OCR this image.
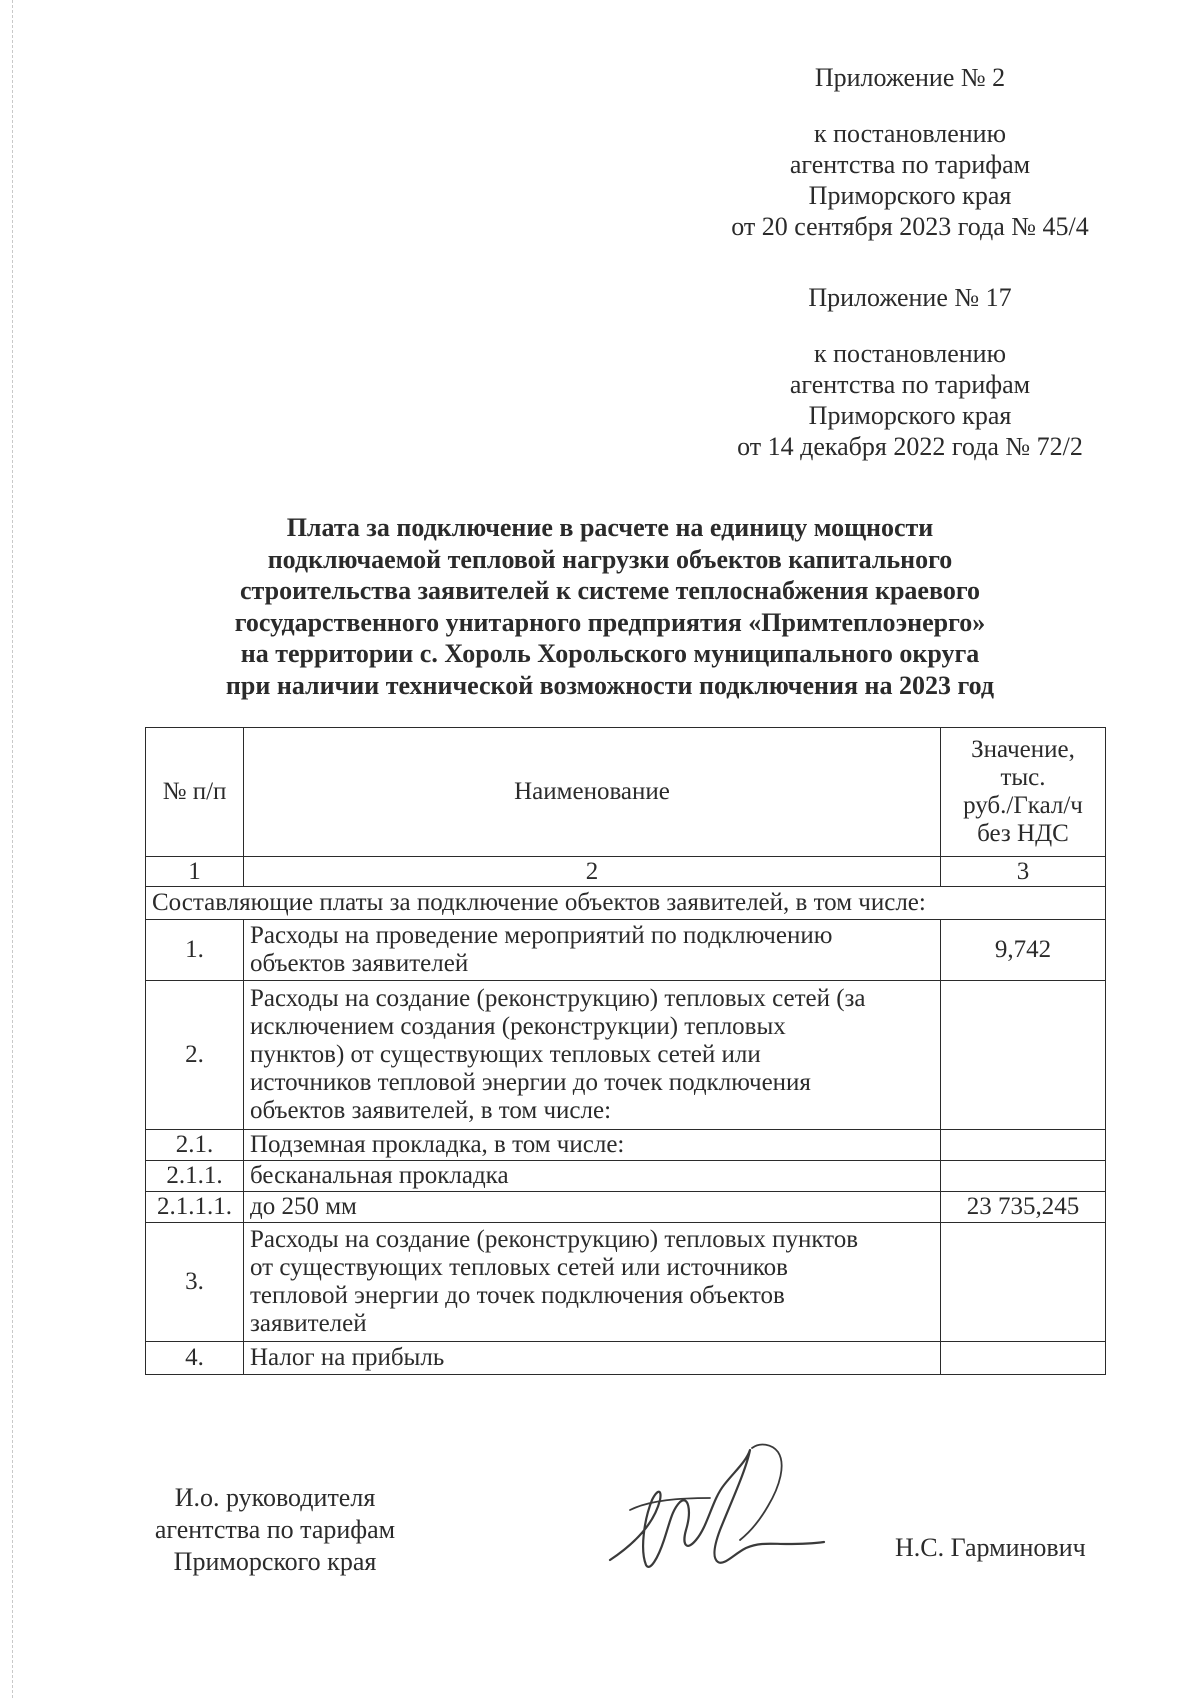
Приложение № 2
к постановлению
агентства по тарифам
Приморского края
от 20 сентября 2023 года № 45/4
Приложение № 17
к постановлению
агентства по тарифам
Приморского края
от 14 декабря 2022 года № 72/2
Плата за подключение в расчете на единицу мощности
подключаемой тепловой нагрузки объектов капитального
строительства заявителей к системе теплоснабжения краевого
государственного унитарного предприятия «Примтеплоэнерго»
на территории с. Хороль Хорольского муниципального округа
при наличии технической возможности подключения на 2023 год
№ п/п	Наименование	Значение,
тыс.
руб./Гкал/ч
без НДС

1	2	3
Составляющие платы за подключение объектов заявителей, в том числе:		
1.	Расходы на проведение мероприятий по подключению
объектов заявителей	9,742
2.	Расходы на создание (реконструкцию) тепловых сетей (за
исключением создания (реконструкции) тепловых
пунктов) от существующих тепловых сетей или
источников тепловой энергии до точек подключения
объектов заявителей, в том числе:	

2.1.	Подземная прокладка, в том числе:	
2.1.1.	бесканальная прокладка	
2.1.1.1.	до 250 мм	23 735,245
3.	Расходы на создание (реконструкцию) тепловых пунктов
от существующих тепловых сетей или источников
тепловой энергии до точек подключения объектов
заявителей	

4.	Налог на прибыль	
И.о. руководителя
агентства по тарифам
Приморского края	Н.С. Гарминович
